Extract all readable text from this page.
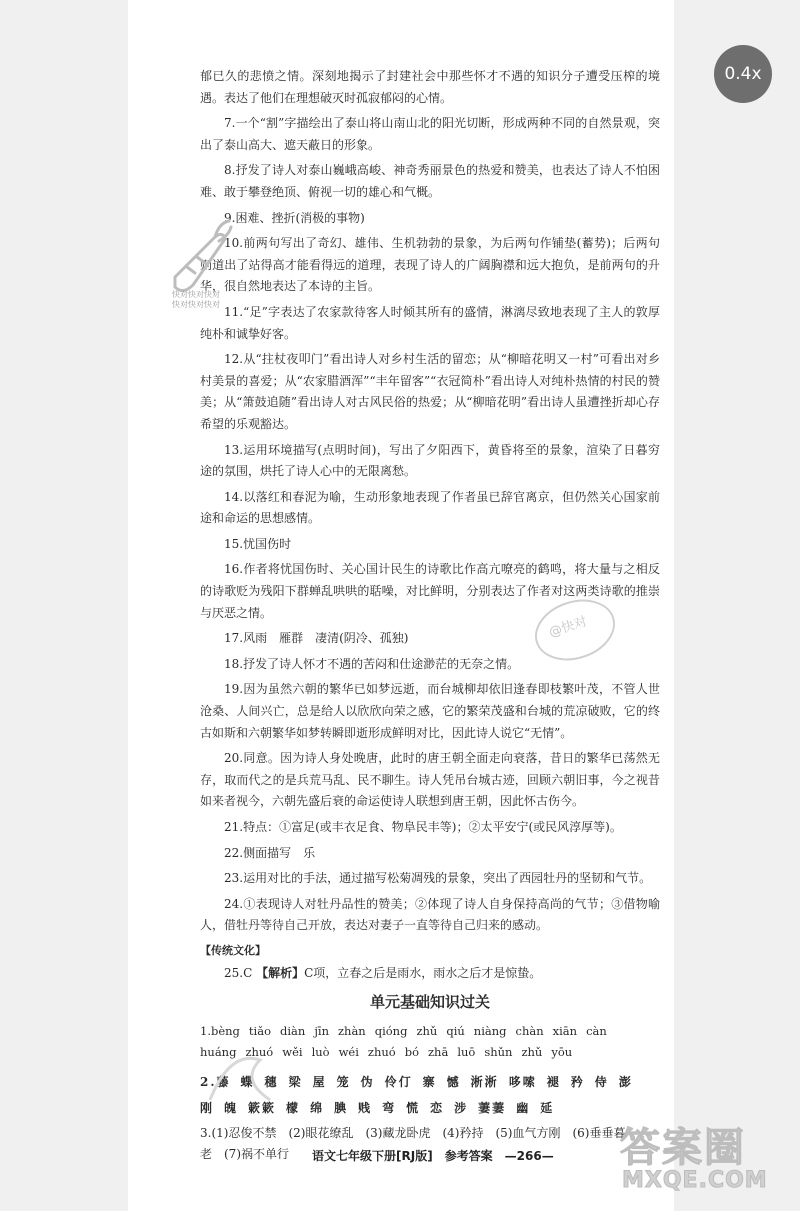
0.4x

郁已久的悲愤之情。深刻地揭示了封建社会中那些怀才不遇的知识分子遭受压榨的境遇。表达了他们在理想破灭时孤寂郁闷的心情。

7.一个“割”字描绘出了泰山将山南山北的阳光切断，形成两种不同的自然景观，突出了泰山高大、遮天蔽日的形象。

8.抒发了诗人对泰山巍峨高峻、神奇秀丽景色的热爱和赞美，也表达了诗人不怕困难、敢于攀登绝顶、俯视一切的雄心和气概。

9.困难、挫折(消极的事物)

10.前两句写出了奇幻、雄伟、生机勃勃的景象，为后两句作铺垫(蓄势)；后两句则道出了站得高才能看得远的道理，表现了诗人的广阔胸襟和远大抱负，是前两句的升华，很自然地表达了本诗的主旨。

11.“足”字表达了农家款待客人时倾其所有的盛情，淋漓尽致地表现了主人的敦厚纯朴和诚挚好客。

12.从“拄杖夜叩门”看出诗人对乡村生活的留恋；从“柳暗花明又一村”可看出对乡村美景的喜爱；从“农家腊酒浑”“丰年留客”“衣冠简朴”看出诗人对纯朴热情的村民的赞美；从“箫鼓追随”看出诗人对古风民俗的热爱；从“柳暗花明”看出诗人虽遭挫折却心存希望的乐观豁达。

13.运用环境描写(点明时间)，写出了夕阳西下，黄昏将至的景象，渲染了日暮穷途的氛围，烘托了诗人心中的无限离愁。

14.以落红和春泥为喻，生动形象地表现了作者虽已辞官离京，但仍然关心国家前途和命运的思想感情。

15.忧国伤时

16.作者将忧国伤时、关心国计民生的诗歌比作高亢嘹亮的鹤鸣，将大量与之相反的诗歌贬为残阳下群蝉乱哄哄的聒噪，对比鲜明，分别表达了作者对这两类诗歌的推崇与厌恶之情。

17.风雨　雁群　凄清(阴冷、孤独)

18.抒发了诗人怀才不遇的苦闷和仕途渺茫的无奈之情。

19.因为虽然六朝的繁华已如梦远逝，而台城柳却依旧逢春即枝繁叶茂，不管人世沧桑、人间兴亡，总是给人以欣欣向荣之感，它的繁荣茂盛和台城的荒凉破败，它的终古如斯和六朝繁华如梦转瞬即逝形成鲜明对比，因此诗人说它“无情”。

20.同意。因为诗人身处晚唐，此时的唐王朝全面走向衰落，昔日的繁华已荡然无存，取而代之的是兵荒马乱、民不聊生。诗人凭吊台城古迹，回顾六朝旧事，今之视昔如来者视今，六朝先盛后衰的命运使诗人联想到唐王朝，因此怀古伤今。

21.特点：①富足(或丰衣足食、物阜民丰等)；②太平安宁(或民风淳厚等)。

22.侧面描写　乐

23.运用对比的手法，通过描写松菊凋残的景象，突出了西园牡丹的坚韧和气节。

24.①表现诗人对牡丹品性的赞美；②体现了诗人自身保持高尚的气节；③借物喻人，借牡丹等待自己开放，表达对妻子一直等待自己归来的感动。

【传统文化】

25.C 【解析】C项，立春之后是雨水，雨水之后才是惊蛰。

单元基础知识过关

1.bèng tiǎo diàn jīn zhàn qióng zhǔ qiú niàng chàn xiān càn

huáng zhuó wěi luò wéi zhuó bó zhā luō shǔn zhǔ yōu

2.藤 蝶 穗 梁 屋 笼 伪 伶仃 寨 憾 淅淅 哆嗦 褪 矜 侍 澎

刚 魄 簌簌 檬 绵 腆 贱 弯 慌 恋 涉 萋萋 幽 延

3.(1)忍俊不禁　(2)眼花缭乱　(3)藏龙卧虎　(4)矜持　(5)血气方刚　(6)垂垂暮

老　(7)祸不单行	语文七年级下册[RJ版]　参考答案　—266—
快对快对快对
快对快对快对
@快对
答案圈
MXQE.COM
